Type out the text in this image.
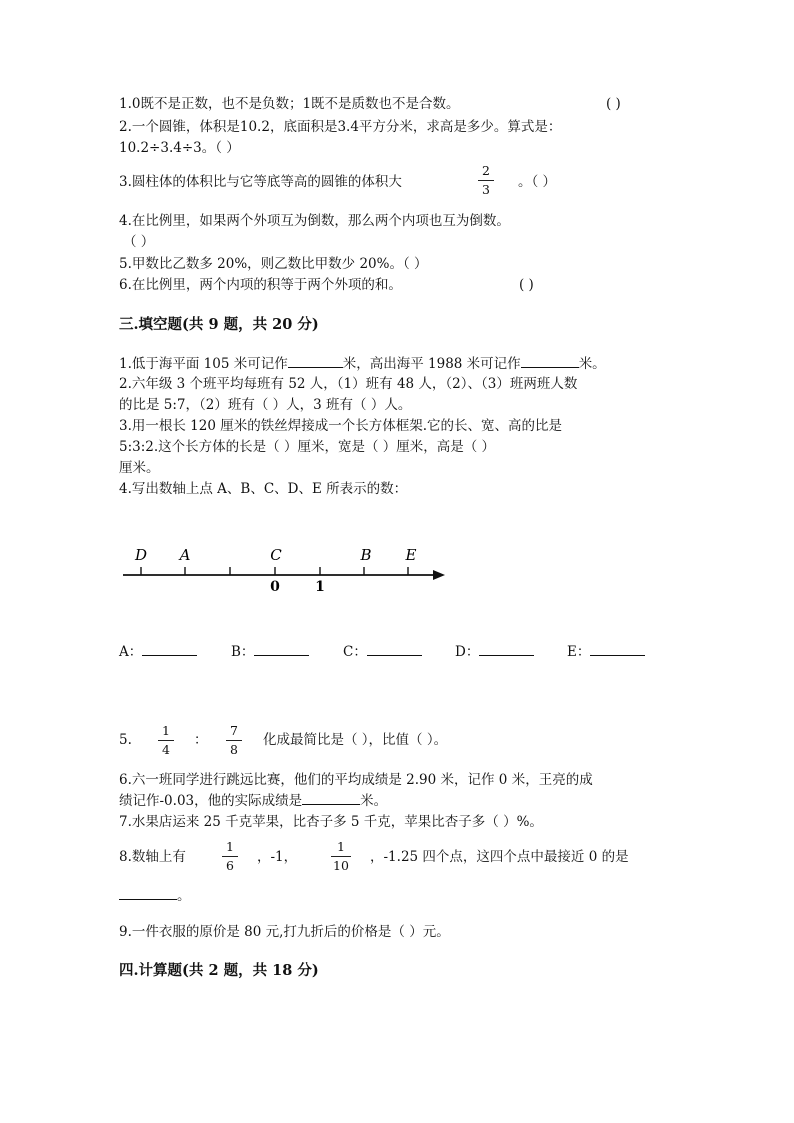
1.0既不是正数，也不是负数；1既不是质数也不是合数。	( )
2.一个圆锥，体积是10.2，底面积是3.4平方分米，求高是多少。算式是：
10.2÷3.4÷3。（ ）
3.圆柱体的体积比与它等底等高的圆锥的体积大
2
3	。（ ）
4.在比例里，如果两个外项互为倒数，那么两个内项也互为倒数。
（ ）
5.甲数比乙数多 20%，则乙数比甲数少 20%。（ ）
6.在比例里，两个内项的积等于两个外项的和。	( )
三.填空题(共 9 题，共 20 分)
1.低于海平面 105 米可记作	米，高出海平 1988 米可记作	米。
2.六年级 3 个班平均每班有 52 人，（1）班有 48 人，（2）、（3）班两班人数
的比是 5:7，（2）班有（ ）人，3 班有（ ）人。
3.用一根长 120 厘米的铁丝焊接成一个长方体框架.它的长、宽、高的比是
5:3:2.这个长方体的长是（ ）厘米，宽是（ ）厘米，高是（ ）
厘米。
4.写出数轴上点 A、B、C、D、E 所表示的数：
D A	C	B E
0	1
A：	B：	C：	D：	E：
5.
1
4
：
7
8
化成最简比是（ ），比值（ ）。
6.六一班同学进行跳远比赛，他们的平均成绩是 2.90 米，记作 0 米，王亮的成
绩记作-0.03，他的实际成绩是	米。
7.水果店运来 25 千克苹果，比杏子多 5 千克，苹果比杏子多（ ）%。
8.数轴上有
1
6
，-1，
1
10
，-1.25 四个点，这四个点中最接近 0 的是
。
9.一件衣服的原价是 80 元,打九折后的价格是（ ）元。
四.计算题(共 2 题，共 18 分)
